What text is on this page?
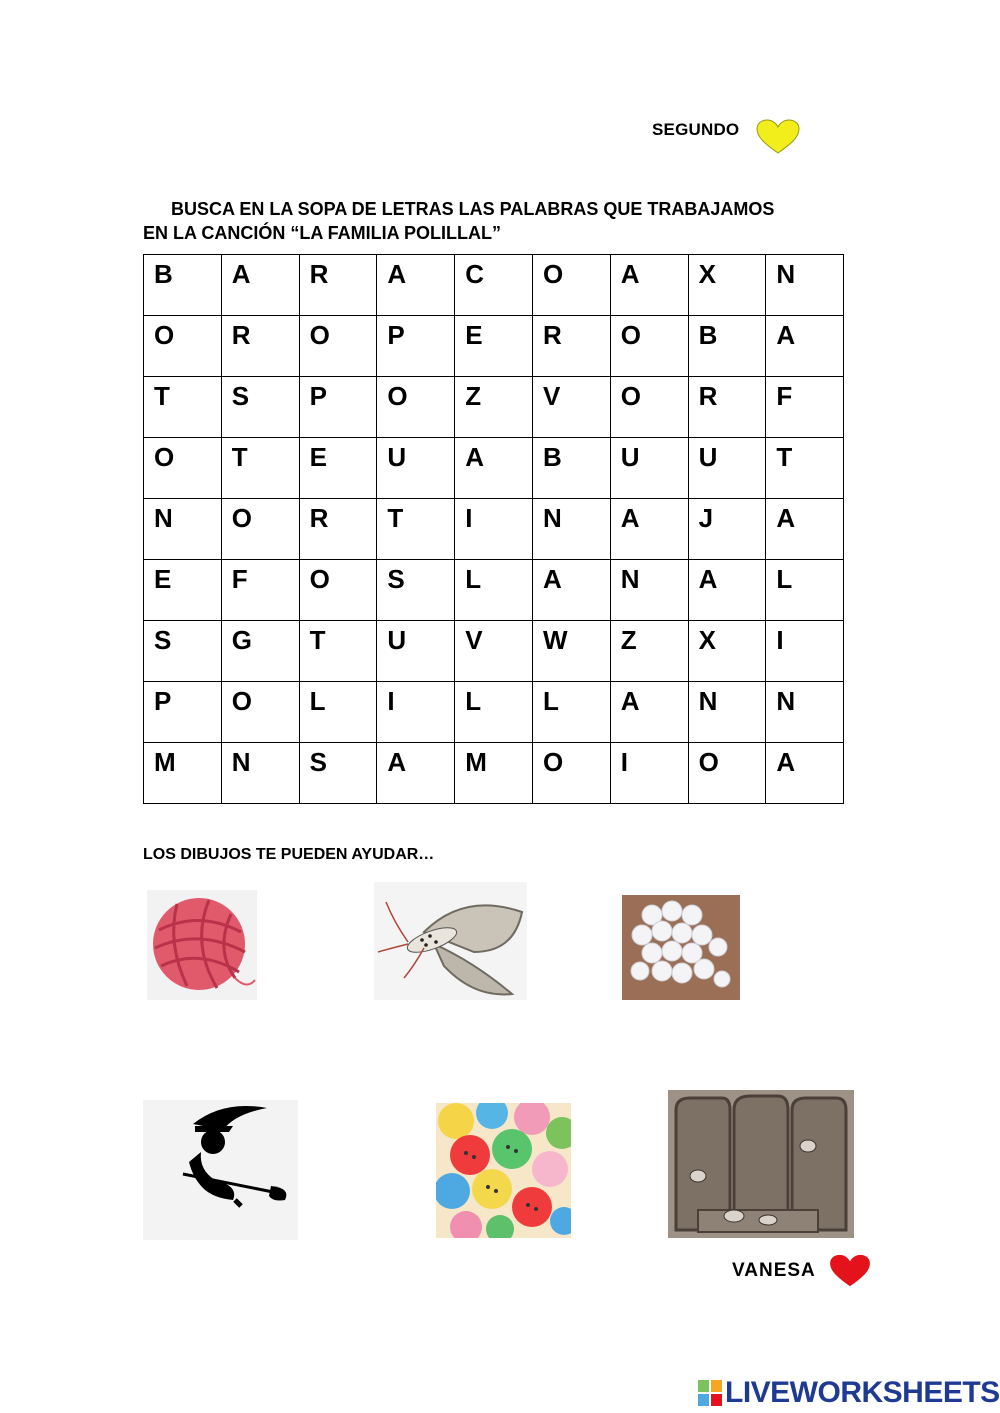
SEGUNDO
BUSCA EN LA SOPA DE LETRAS LAS PALABRAS QUE TRABAJAMOS
EN LA CANCIÓN “LA FAMILIA POLILLAL”
B	A	R	A	C	O	A	X	N

O	R	O	P	E	R	O	B	A

T	S	P	O	Z	V	O	R	F

O	T	E	U	A	B	U	U	T

N	O	R	T	I	N	A	J	A

E	F	O	S	L	A	N	A	L

S	G	T	U	V	W	Z	X	I

P	O	L	I	L	L	A	N	N

M	N	S	A	M	O	I	O	A
LOS DIBUJOS TE PUEDEN AYUDAR…
VANESA
LIVEWORKSHEETS
